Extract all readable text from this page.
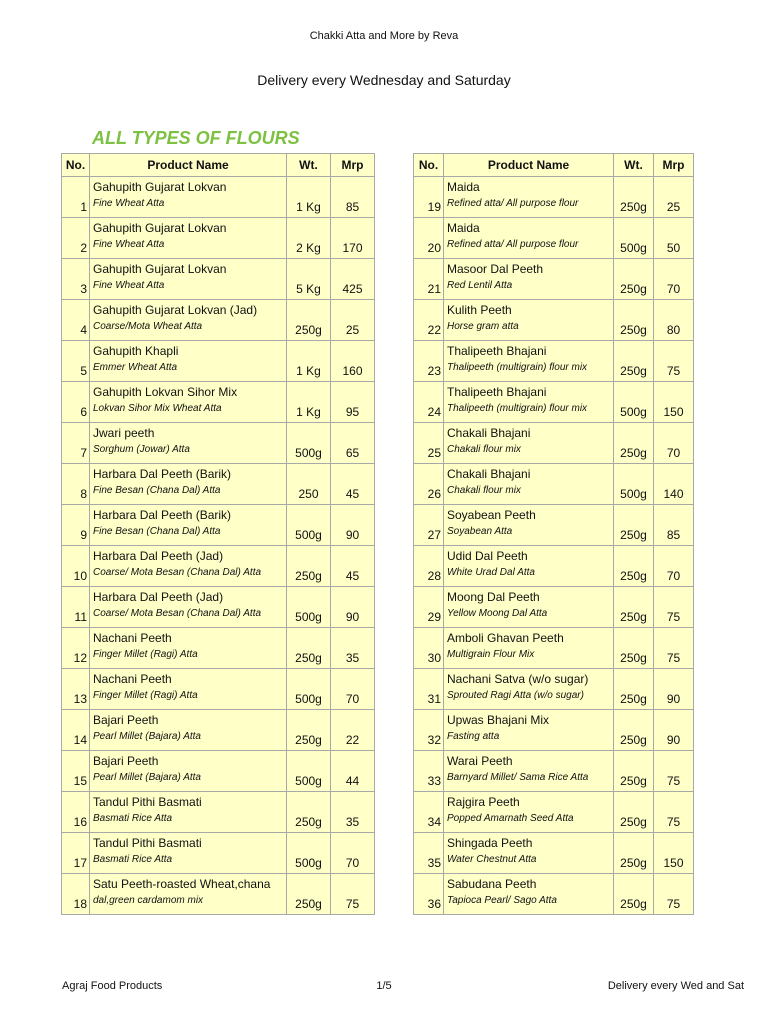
Chakki Atta and More by Reva
Delivery every Wednesday and Saturday
ALL TYPES OF FLOURS
No.	Product Name	Wt.	Mrp
1	Gahupith Gujarat Lokvan
Fine Wheat Atta	1 Kg	85
2	Gahupith Gujarat Lokvan
Fine Wheat Atta	2 Kg	170
3	Gahupith Gujarat Lokvan
Fine Wheat Atta	5 Kg	425
4	Gahupith Gujarat Lokvan (Jad)
Coarse/Mota Wheat Atta	250g	25
5	Gahupith Khapli
Emmer Wheat Atta	1 Kg	160
6	Gahupith Lokvan Sihor Mix
Lokvan Sihor Mix Wheat Atta	1 Kg	95
7	Jwari peeth
Sorghum (Jowar) Atta	500g	65
8	Harbara Dal Peeth (Barik)
Fine Besan (Chana Dal) Atta	250	45
9	Harbara Dal Peeth (Barik)
Fine Besan (Chana Dal) Atta	500g	90
10	Harbara Dal Peeth (Jad)
Coarse/ Mota Besan (Chana Dal) Atta	250g	45
11	Harbara Dal Peeth (Jad)
Coarse/ Mota Besan (Chana Dal) Atta	500g	90
12	Nachani Peeth
Finger Millet (Ragi) Atta	250g	35
13	Nachani Peeth
Finger Millet (Ragi) Atta	500g	70
14	Bajari Peeth
Pearl Millet (Bajara) Atta	250g	22
15	Bajari Peeth
Pearl Millet (Bajara) Atta	500g	44
16	Tandul Pithi Basmati
Basmati Rice Atta	250g	35
17	Tandul Pithi Basmati
Basmati Rice Atta	500g	70
18	Satu Peeth-roasted Wheat,chana
dal,green cardamom mix	250g	75
No.	Product Name	Wt.	Mrp
19	Maida
Refined atta/ All purpose flour	250g	25
20	Maida
Refined atta/ All purpose flour	500g	50
21	Masoor Dal Peeth
Red Lentil Atta	250g	70
22	Kulith Peeth
Horse gram atta	250g	80
23	Thalipeeth Bhajani
Thalipeeth (multigrain) flour mix	250g	75
24	Thalipeeth Bhajani
Thalipeeth (multigrain) flour mix	500g	150
25	Chakali Bhajani
Chakali flour mix	250g	70
26	Chakali Bhajani
Chakali flour mix	500g	140
27	Soyabean Peeth
Soyabean Atta	250g	85
28	Udid Dal Peeth
White Urad Dal Atta	250g	70
29	Moong Dal Peeth
Yellow Moong Dal Atta	250g	75
30	Amboli Ghavan Peeth
Multigrain Flour Mix	250g	75
31	Nachani Satva (w/o sugar)
Sprouted Ragi Atta (w/o sugar)	250g	90
32	Upwas Bhajani Mix
Fasting atta	250g	90
33	Warai Peeth
Barnyard Millet/ Sama Rice Atta	250g	75
34	Rajgira Peeth
Popped Amarnath Seed Atta	250g	75
35	Shingada Peeth
Water Chestnut Atta	250g	150
36	Sabudana Peeth
Tapioca Pearl/ Sago Atta	250g	75
Agraj Food Products	1/5	Delivery every Wed and Sat
